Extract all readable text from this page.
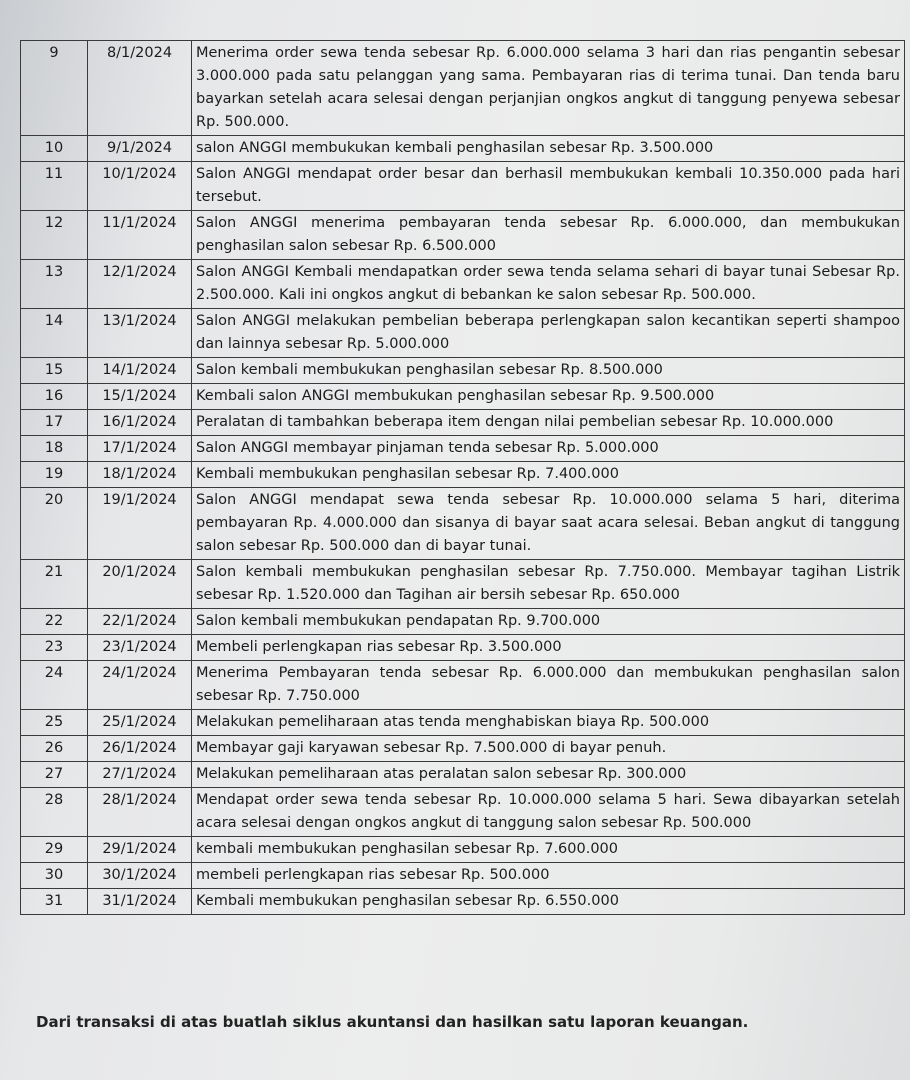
9	8/1/2024	Menerima order sewa tenda sebesar Rp. 6.000.000 selama 3 hari dan rias pengantin sebesar 3.000.000 pada satu pelanggan yang sama. Pembayaran rias di terima tunai. Dan tenda baru bayarkan setelah acara selesai dengan perjanjian ongkos angkut di tanggung penyewa sebesar Rp. 500.000.
10	9/1/2024	salon ANGGI membukukan kembali penghasilan sebesar Rp. 3.500.000
11	10/1/2024	Salon ANGGI mendapat order besar dan berhasil membukukan kembali 10.350.000 pada hari tersebut.
12	11/1/2024	Salon ANGGI menerima pembayaran tenda sebesar Rp. 6.000.000, dan membukukan penghasilan salon sebesar Rp. 6.500.000
13	12/1/2024	Salon ANGGI Kembali mendapatkan order sewa tenda selama sehari di bayar tunai Sebesar Rp. 2.500.000. Kali ini ongkos angkut di bebankan ke salon sebesar Rp. 500.000.
14	13/1/2024	Salon ANGGI melakukan pembelian beberapa perlengkapan salon kecantikan seperti shampoo dan lainnya sebesar Rp. 5.000.000
15	14/1/2024	Salon kembali membukukan penghasilan sebesar Rp. 8.500.000
16	15/1/2024	Kembali salon ANGGI membukukan penghasilan sebesar Rp. 9.500.000
17	16/1/2024	Peralatan di tambahkan beberapa item dengan nilai pembelian sebesar Rp. 10.000.000
18	17/1/2024	Salon ANGGI membayar pinjaman tenda sebesar Rp. 5.000.000
19	18/1/2024	Kembali membukukan penghasilan sebesar Rp. 7.400.000
20	19/1/2024	Salon ANGGI mendapat sewa tenda sebesar Rp. 10.000.000 selama 5 hari, diterima pembayaran Rp. 4.000.000 dan sisanya di bayar saat acara selesai. Beban angkut di tanggung salon sebesar Rp. 500.000 dan di bayar tunai.
21	20/1/2024	Salon kembali membukukan penghasilan sebesar Rp. 7.750.000. Membayar tagihan Listrik sebesar Rp. 1.520.000 dan Tagihan air bersih sebesar Rp. 650.000
22	22/1/2024	Salon kembali membukukan pendapatan Rp. 9.700.000
23	23/1/2024	Membeli perlengkapan rias sebesar Rp. 3.500.000
24	24/1/2024	Menerima Pembayaran tenda sebesar Rp. 6.000.000 dan membukukan penghasilan salon sebesar Rp. 7.750.000
25	25/1/2024	Melakukan pemeliharaan atas tenda menghabiskan biaya Rp. 500.000
26	26/1/2024	Membayar gaji karyawan sebesar Rp. 7.500.000 di bayar penuh.
27	27/1/2024	Melakukan pemeliharaan atas peralatan salon sebesar Rp. 300.000
28	28/1/2024	Mendapat order sewa tenda sebesar Rp. 10.000.000 selama 5 hari. Sewa dibayarkan setelah acara selesai dengan ongkos angkut di tanggung salon sebesar Rp. 500.000
29	29/1/2024	kembali membukukan penghasilan sebesar Rp. 7.600.000
30	30/1/2024	membeli perlengkapan rias sebesar Rp. 500.000
31	31/1/2024	Kembali membukukan penghasilan sebesar Rp. 6.550.000
Dari transaksi di atas buatlah siklus akuntansi dan hasilkan satu laporan keuangan.
